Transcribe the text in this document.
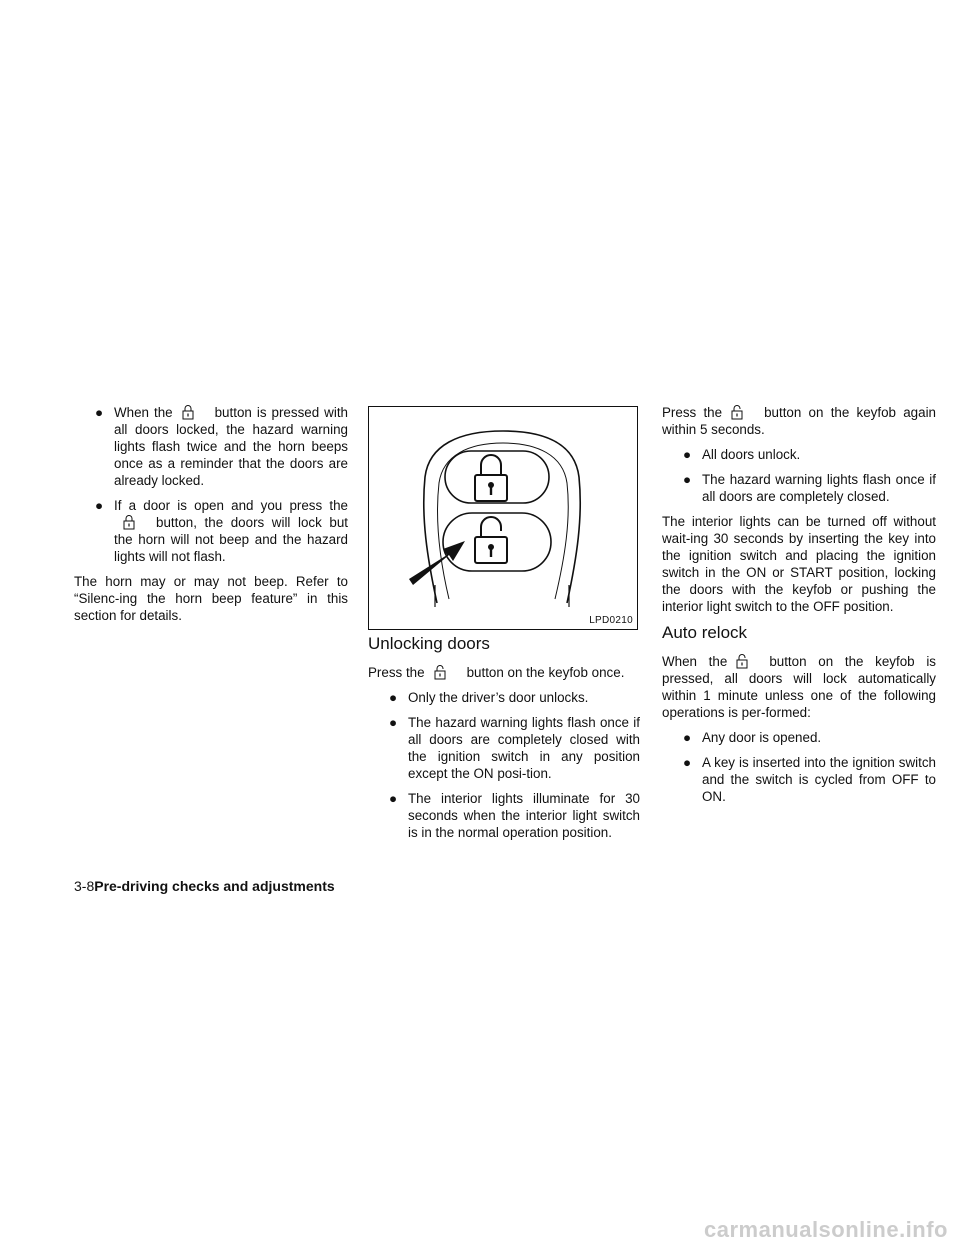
● When the	button is pressed with all doors locked, the hazard warning lights flash twice and the horn beeps once as a reminder that the doors are already locked.
● If a door is open and you press the
button, the doors will lock but the horn will not beep and the hazard lights will not flash.

The horn may or may not beep. Refer to “Silenc-ing the horn beep feature” in this section for details.	LPD0210
Unlocking doors

Press the	button on the keyfob once.

● Only the driver’s door unlocks.
● The hazard warning lights flash once if all doors are completely closed with the ignition switch in any position except the ON posi-tion.
● The interior lights illuminate for 30 seconds when the interior light switch is in the normal operation position.

Press the	button on the keyfob again within 5 seconds.

● All doors unlock.
● The hazard warning lights flash once if all doors are completely closed.

The interior lights can be turned off without wait-ing 30 seconds by inserting the key into the ignition switch and placing the ignition switch in the ON or START position, locking the doors with the keyfob or pushing the interior light switch to the OFF position.

Auto relock

When the	button on the keyfob is pressed, all doors will lock automatically within 1 minute unless one of the following operations is per-formed:

● Any door is opened.
● A key is inserted into the ignition switch and the switch is cycled from OFF to ON.
3-8Pre-driving checks and adjustments
carmanualsonline.info
